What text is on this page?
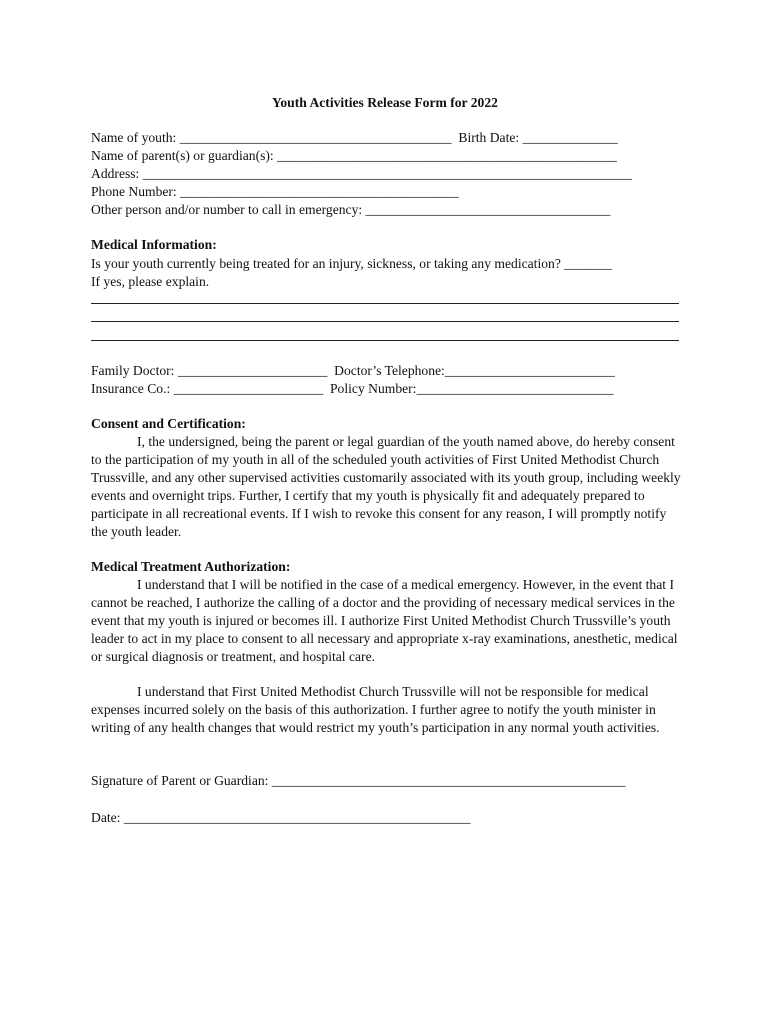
Youth Activities Release Form for 2022
Name of youth: ________________________________________  Birth Date: ______________
Name of parent(s) or guardian(s): __________________________________________________
Address: ________________________________________________________________________
Phone Number: _________________________________________
Other person and/or number to call in emergency: ____________________________________
Medical Information:
Is your youth currently being treated for an injury, sickness, or taking any medication? _______
If yes, please explain.
Family Doctor: ______________________  Doctor’s Telephone:_________________________
Insurance Co.: ______________________  Policy Number:_____________________________
Consent and Certification:
I, the undersigned, being the parent or legal guardian of the youth named above, do hereby consent to the participation of my youth in all of the scheduled youth activities of First United Methodist Church Trussville, and any other supervised activities customarily associated with its youth group, including weekly events and overnight trips. Further, I certify that my youth is physically fit and adequately prepared to participate in all recreational events. If I wish to revoke this consent for any reason, I will promptly notify the youth leader.
Medical Treatment Authorization:
I understand that I will be notified in the case of a medical emergency. However, in the event that I cannot be reached, I authorize the calling of a doctor and the providing of necessary medical services in the event that my youth is injured or becomes ill. I authorize First United Methodist Church Trussville’s youth leader to act in my place to consent to all necessary and appropriate x-ray examinations, anesthetic, medical or surgical diagnosis or treatment, and hospital care.
I understand that First United Methodist Church Trussville will not be responsible for medical expenses incurred solely on the basis of this authorization. I further agree to notify the youth minister in writing of any health changes that would restrict my youth’s participation in any normal youth activities.
Signature of Parent or Guardian: ____________________________________________________
Date: ___________________________________________________
